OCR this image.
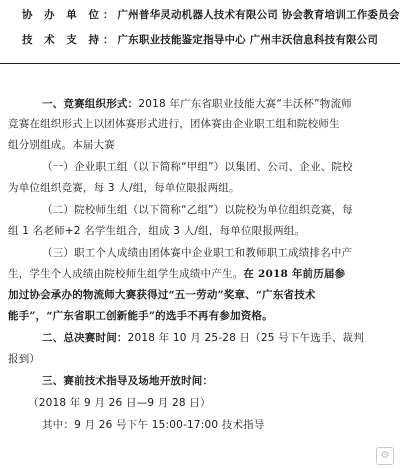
协 办 单 位：广州普华灵动机器人技术有限公司 协会教育培训工作委员会
技 术 支 持：广东职业技能鉴定指导中心 广州丰沃信息科技有限公司
一、竞赛组织形式：2018 年广东省职业技能大赛“丰沃杯”物流师
竞赛在组织形式上以团体赛形式进行，团体赛由企业职工组和院校师生
组分别组成。本届大赛
（一）企业职工组（以下简称“甲组”）以集团、公司、企业、院校
为单位组织竞赛，每 3 人/组，每单位限报两组。
（二）院校师生组（以下简称“乙组”）以院校为单位组织竞赛，每
组 1 名老师+2 名学生组合，组成 3 人/组，每单位限报两组。
（三）职工个人成绩由团体赛中企业职工和教师职工成绩排名中产
生，学生个人成绩由院校师生组学生成绩中产生。在 2018 年前历届参
加过协会承办的物流师大赛获得过“五一劳动”奖章、“广东省技术
能手”，“广东省职工创新能手”的选手不再有参加资格。
二、总决赛时间：2018 年 10 月 25-28 日（25 号下午选手、裁判
报到）
三、赛前技术指导及场地开放时间：
（2018 年 9 月 26 日—9 月 28 日）
其中：9 月 26 号下午 15:00-17:00 技术指导
⚙
